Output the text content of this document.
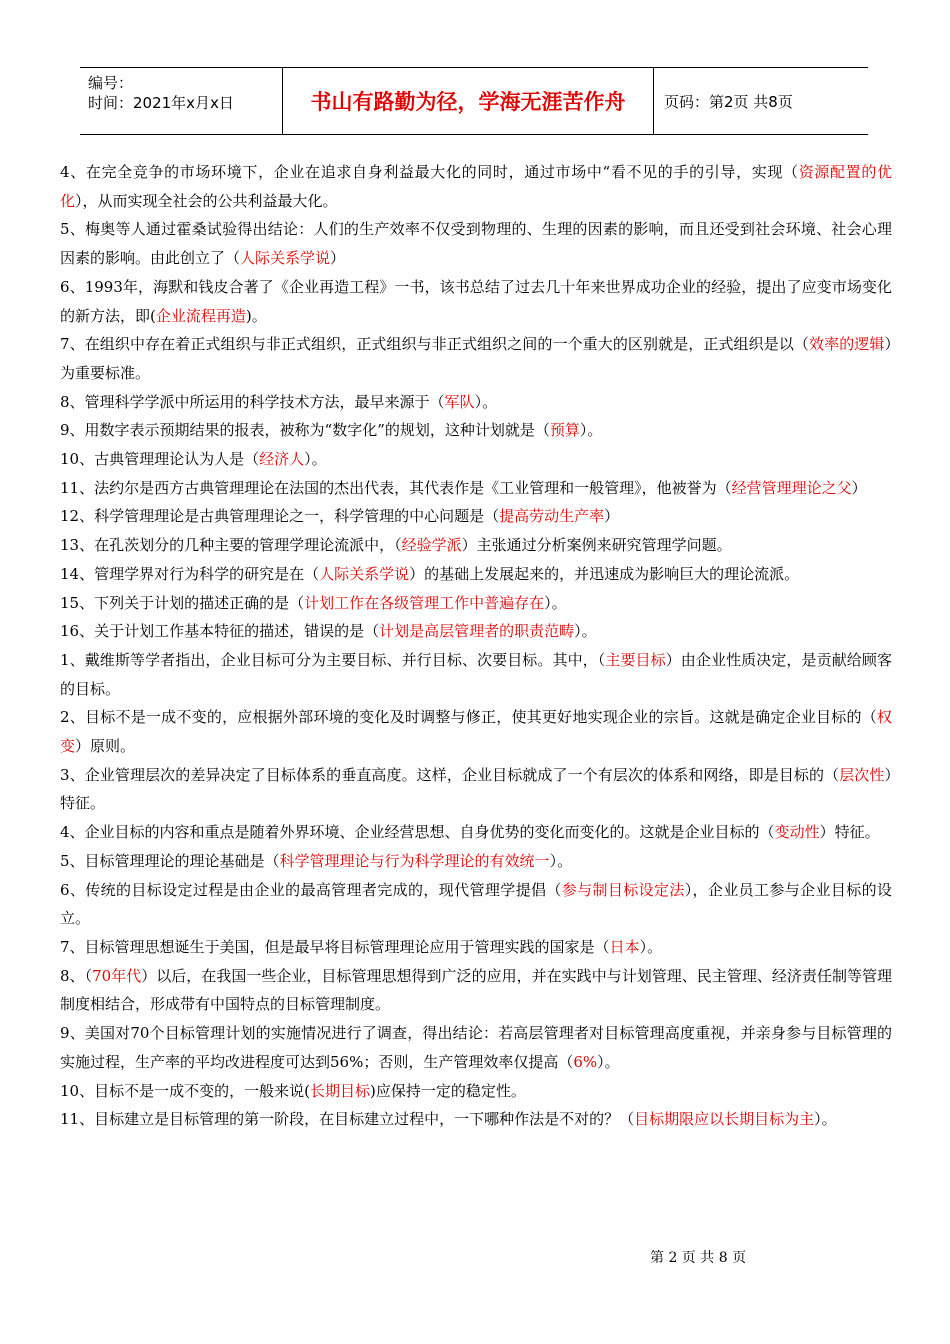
编号：
时间：2021年x月x日	书山有路勤为径，学海无涯苦作舟	页码：第2页 共8页

4、在完全竞争的市场环境下，企业在追求自身利益最大化的同时，通过市场中“看不见的手的引导，实现（资源配置的优化），从而实现全社会的公共利益最大化。

5、梅奥等人通过霍桑试验得出结论：人们的生产效率不仅受到物理的、生理的因素的影响，而且还受到社会环境、社会心理因素的影响。由此创立了（人际关系学说）

6、1993年，海默和钱皮合著了《企业再造工程》一书，该书总结了过去几十年来世界成功企业的经验，提出了应变市场变化的新方法，即(企业流程再造)。

7、在组织中存在着正式组织与非正式组织，正式组织与非正式组织之间的一个重大的区别就是，正式组织是以（效率的逻辑）为重要标准。

8、管理科学学派中所运用的科学技术方法，最早来源于（军队）。

9、用数字表示预期结果的报表，被称为“数字化”的规划，这种计划就是（预算）。

10、古典管理理论认为人是（经济人）。

11、法约尔是西方古典管理理论在法国的杰出代表，其代表作是《工业管理和一般管理》，他被誉为（经营管理理论之父）

12、科学管理理论是古典管理理论之一，科学管理的中心问题是（提高劳动生产率）

13、在孔茨划分的几种主要的管理学理论流派中，（经验学派）主张通过分析案例来研究管理学问题。

14、管理学界对行为科学的研究是在（人际关系学说）的基础上发展起来的，并迅速成为影响巨大的理论流派。

15、下列关于计划的描述正确的是（计划工作在各级管理工作中普遍存在）。

16、关于计划工作基本特征的描述，错误的是（计划是高层管理者的职责范畴）。

1、戴维斯等学者指出，企业目标可分为主要目标、并行目标、次要目标。其中，（主要目标）由企业性质决定，是贡献给顾客的目标。

2、目标不是一成不变的，应根据外部环境的变化及时调整与修正，使其更好地实现企业的宗旨。这就是确定企业目标的（权变）原则。

3、企业管理层次的差异决定了目标体系的垂直高度。这样，企业目标就成了一个有层次的体系和网络，即是目标的（层次性）特征。

4、企业目标的内容和重点是随着外界环境、企业经营思想、自身优势的变化而变化的。这就是企业目标的（变动性）特征。

5、目标管理理论的理论基础是（科学管理理论与行为科学理论的有效统一）。

6、传统的目标设定过程是由企业的最高管理者完成的，现代管理学提倡（参与制目标设定法），企业员工参与企业目标的设立。

7、目标管理思想诞生于美国，但是最早将目标管理理论应用于管理实践的国家是（日本）。

8、（70年代）以后，在我国一些企业，目标管理思想得到广泛的应用，并在实践中与计划管理、民主管理、经济责任制等管理制度相结合，形成带有中国特点的目标管理制度。

9、美国对70个目标管理计划的实施情况进行了调查，得出结论：若高层管理者对目标管理高度重视，并亲身参与目标管理的实施过程，生产率的平均改进程度可达到56%；否则，生产管理效率仅提高（6%）。

10、目标不是一成不变的，一般来说(长期目标)应保持一定的稳定性。

11、目标建立是目标管理的第一阶段，在目标建立过程中，一下哪种作法是不对的？（目标期限应以长期目标为主）。

第 2 页 共 8 页
